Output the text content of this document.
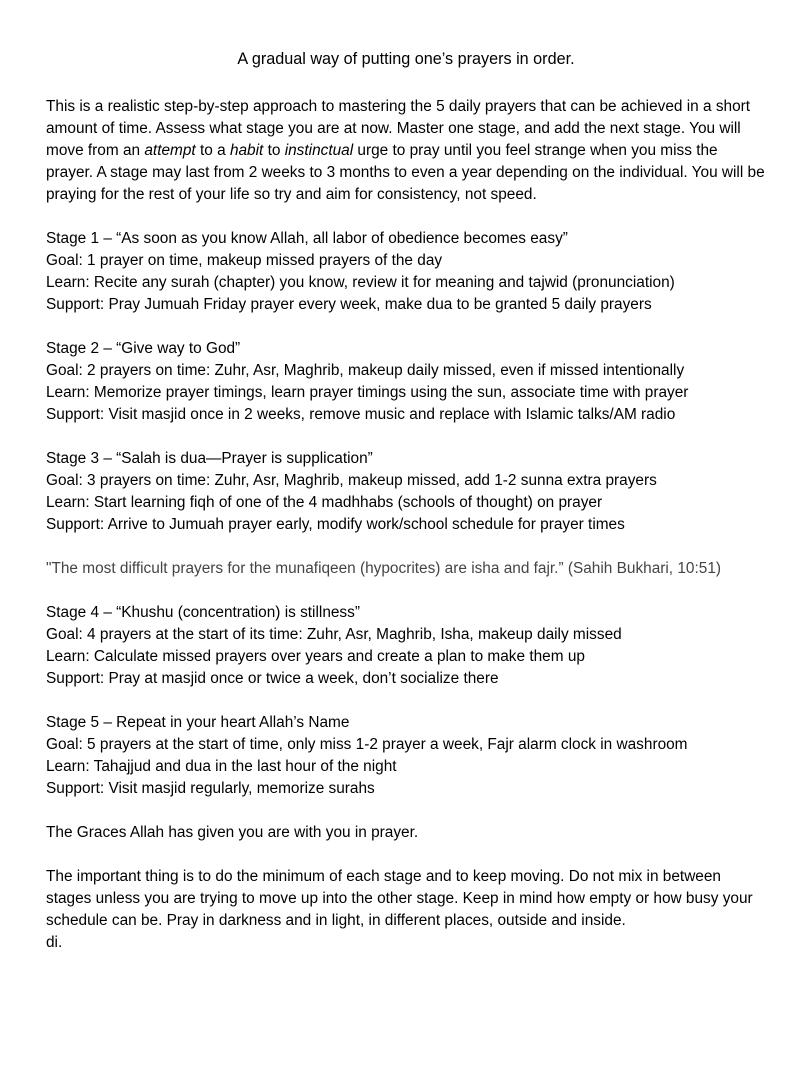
A gradual way of putting one’s prayers in order.

This is a realistic step-by-step approach to mastering the 5 daily prayers that can be achieved in a short amount of time. Assess what stage you are at now. Master one stage, and add the next stage. You will move from an attempt to a habit to instinctual urge to pray until you feel strange when you miss the prayer. A stage may last from 2 weeks to 3 months to even a year depending on the individual. You will be praying for the rest of your life so try and aim for consistency, not speed.

Stage 1 – “As soon as you know Allah, all labor of obedience becomes easy”

Goal: 1 prayer on time, makeup missed prayers of the day

Learn: Recite any surah (chapter) you know, review it for meaning and tajwid (pronunciation)

Support: Pray Jumuah Friday prayer every week, make dua to be granted 5 daily prayers

Stage 2 – “Give way to God”

Goal: 2 prayers on time: Zuhr, Asr, Maghrib, makeup daily missed, even if missed intentionally

Learn: Memorize prayer timings, learn prayer timings using the sun, associate time with prayer

Support: Visit masjid once in 2 weeks, remove music and replace with Islamic talks/AM radio

Stage 3 – “Salah is dua—Prayer is supplication”

Goal: 3 prayers on time: Zuhr, Asr, Maghrib, makeup missed, add 1-2 sunna extra prayers

Learn: Start learning fiqh of one of the 4 madhhabs (schools of thought) on prayer

Support: Arrive to Jumuah prayer early, modify work/school schedule for prayer times

"The most difficult prayers for the munafiqeen (hypocrites) are isha and fajr.” (Sahih Bukhari, 10:51)

Stage 4 – “Khushu (concentration) is stillness”

Goal: 4 prayers at the start of its time: Zuhr, Asr, Maghrib, Isha, makeup daily missed

Learn: Calculate missed prayers over years and create a plan to make them up

Support: Pray at masjid once or twice a week, don’t socialize there

Stage 5 – Repeat in your heart Allah’s Name

Goal: 5 prayers at the start of time, only miss 1-2 prayer a week, Fajr alarm clock in washroom

Learn: Tahajjud and dua in the last hour of the night

Support: Visit masjid regularly, memorize surahs

The Graces Allah has given you are with you in prayer.

The important thing is to do the minimum of each stage and to keep moving. Do not mix in between stages unless you are trying to move up into the other stage. Keep in mind how empty or how busy your schedule can be. Pray in darkness and in light, in different places, outside and inside.

di.
